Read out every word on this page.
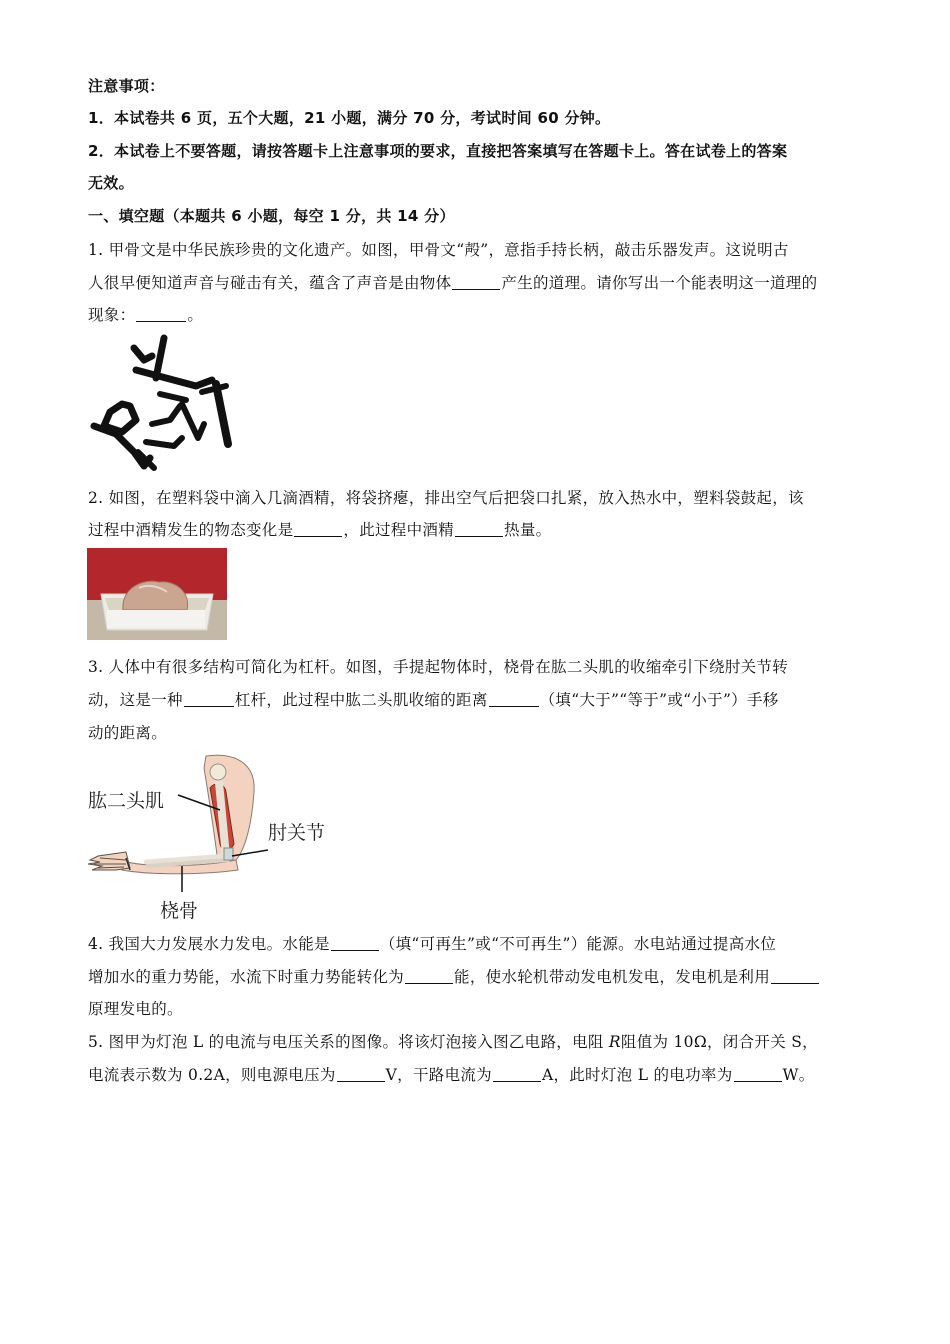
注意事项：
1．本试卷共 6 页，五个大题，21 小题，满分 70 分，考试时间 60 分钟。
2．本试卷上不要答题，请按答题卡上注意事项的要求，直接把答案填写在答题卡上。答在试卷上的答案
无效。
一、填空题（本题共 6 小题，每空 1 分，共 14 分）
1. 甲骨文是中华民族珍贵的文化遗产。如图，甲骨文“殸”，意指手持长柄，敲击乐器发声。这说明古
人很早便知道声音与碰击有关，蕴含了声音是由物体	产生的道理。请你写出一个能表明这一道理的
现象：	。
2. 如图，在塑料袋中滴入几滴酒精，将袋挤瘪，排出空气后把袋口扎紧，放入热水中，塑料袋鼓起，该
过程中酒精发生的物态变化是	，此过程中酒精	热量。
3. 人体中有很多结构可简化为杠杆。如图，手提起物体时，桡骨在肱二头肌的收缩牵引下绕肘关节转
动，这是一种	杠杆，此过程中肱二头肌收缩的距离	（填“大于”“等于”或“小于”）手移
动的距离。
肱二头肌
肘关节
桡骨
4. 我国大力发展水力发电。水能是	（填“可再生”或“不可再生”）能源。水电站通过提高水位
增加水的重力势能，水流下时重力势能转化为	能，使水轮机带动发电机发电，发电机是利用
原理发电的。
5. 图甲为灯泡 L 的电流与电压关系的图像。将该灯泡接入图乙电路，电阻 R阻值为 10Ω，闭合开关 S，
电流表示数为 0.2A，则电源电压为	V，干路电流为	A，此时灯泡 L 的电功率为	W。
